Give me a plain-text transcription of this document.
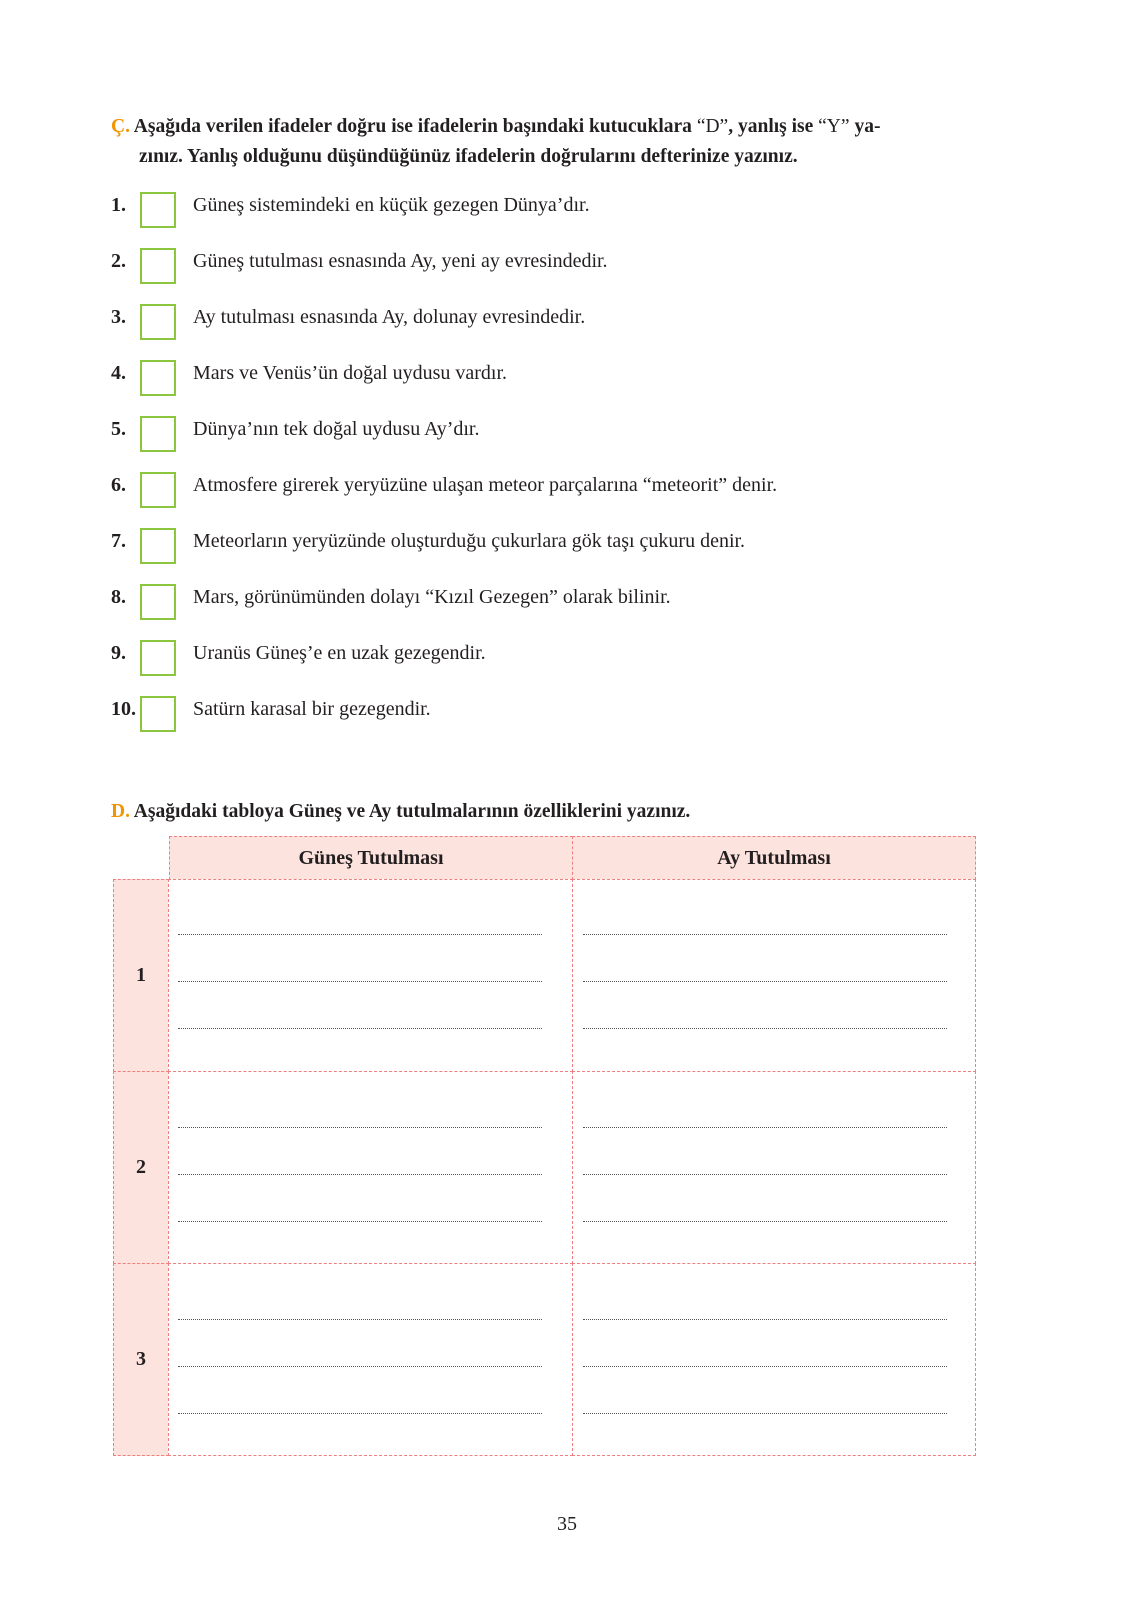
Ç. Aşağıda verilen ifadeler doğru ise ifadelerin başındaki kutucuklara “D”, yanlış ise “Y” ya-
zınız. Yanlış olduğunu düşündüğünüz ifadelerin doğrularını defterinize yazınız.
1.	Güneş sistemindeki en küçük gezegen Dünya’dır.
2.	Güneş tutulması esnasında Ay, yeni ay evresindedir.
3.	Ay tutulması esnasında Ay, dolunay evresindedir.
4.	Mars ve Venüs’ün doğal uydusu vardır.
5.	Dünya’nın tek doğal uydusu Ay’dır.
6.	Atmosfere girerek yeryüzüne ulaşan meteor parçalarına “meteorit” denir.
7.	Meteorların yeryüzünde oluşturduğu çukurlara gök taşı çukuru denir.
8.	Mars, görünümünden dolayı “Kızıl Gezegen” olarak bilinir.
9.	Uranüs Güneş’e en uzak gezegendir.
10.	Satürn karasal bir gezegendir.
D. Aşağıdaki tabloya Güneş ve Ay tutulmalarının özelliklerini yazınız.
Güneş Tutulması	Ay Tutulması
1
2
3
35
